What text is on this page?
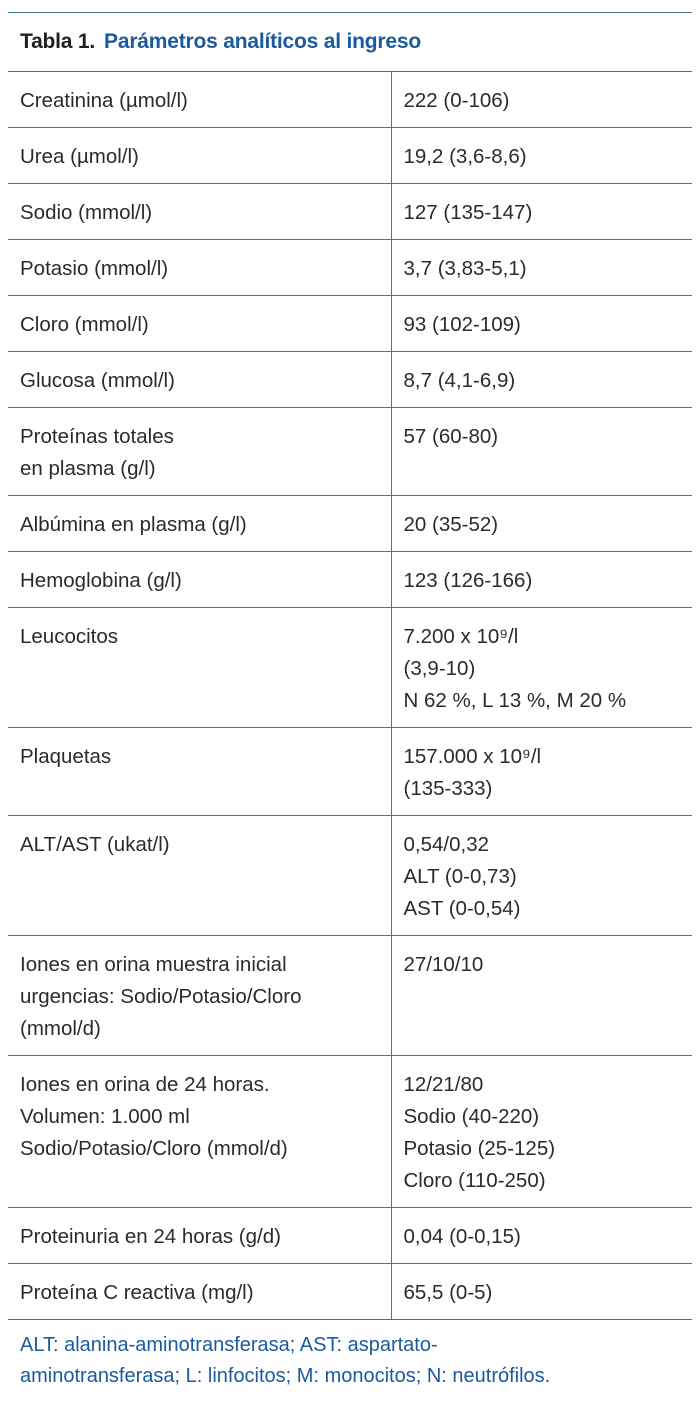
Tabla 1. Parámetros analíticos al ingreso
Creatinina (µmol/l)	222 (0-106)

Urea (µmol/l)	19,2 (3,6-8,6)

Sodio (mmol/l)	127 (135-147)

Potasio (mmol/l)	3,7 (3,83-5,1)

Cloro (mmol/l)	93 (102-109)

Glucosa (mmol/l)	8,7 (4,1-6,9)

Proteínas totales
en plasma (g/l)	57 (60-80)

Albúmina en plasma (g/l)	20 (35-52)

Hemoglobina (g/l)	123 (126-166)

Leucocitos	7.200 x 10⁹/l
(3,9-10)
N 62 %, L 13 %, M 20 %

Plaquetas	157.000 x 10⁹/l
(135-333)

ALT/AST (ukat/l)	0,54/0,32
ALT (0-0,73)
AST (0-0,54)

Iones en orina muestra inicial
urgencias: Sodio/Potasio/Cloro
(mmol/d)	27/10/10

Iones en orina de 24 horas.
Volumen: 1.000 ml
Sodio/Potasio/Cloro (mmol/d)	12/21/80
Sodio (40-220)
Potasio (25-125)
Cloro (110-250)

Proteinuria en 24 horas (g/d)	0,04 (0-0,15)

Proteína C reactiva (mg/l)	65,5 (0-5)
ALT: alanina-aminotransferasa; AST: aspartato-
aminotransferasa; L: linfocitos; M: monocitos; N: neutrófilos.
